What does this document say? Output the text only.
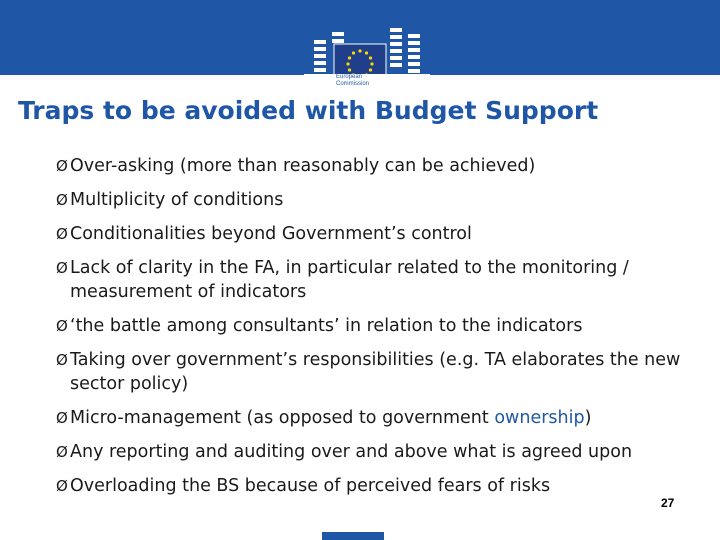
European Commission
Traps to be avoided with Budget Support
Ø Over-asking (more than reasonably can be achieved)
Ø Multiplicity of conditions
Ø Conditionalities beyond Government’s control
Ø Lack of clarity in the FA, in particular related to the monitoring / measurement of indicators
Ø ‘the battle among consultants’ in relation to the indicators
Ø Taking over government’s responsibilities (e.g. TA elaborates the new sector policy)
Ø Micro-management (as opposed to government ownership)
Ø Any reporting and auditing over and above what is agreed upon
Ø Overloading the BS because of perceived fears of risks
27
